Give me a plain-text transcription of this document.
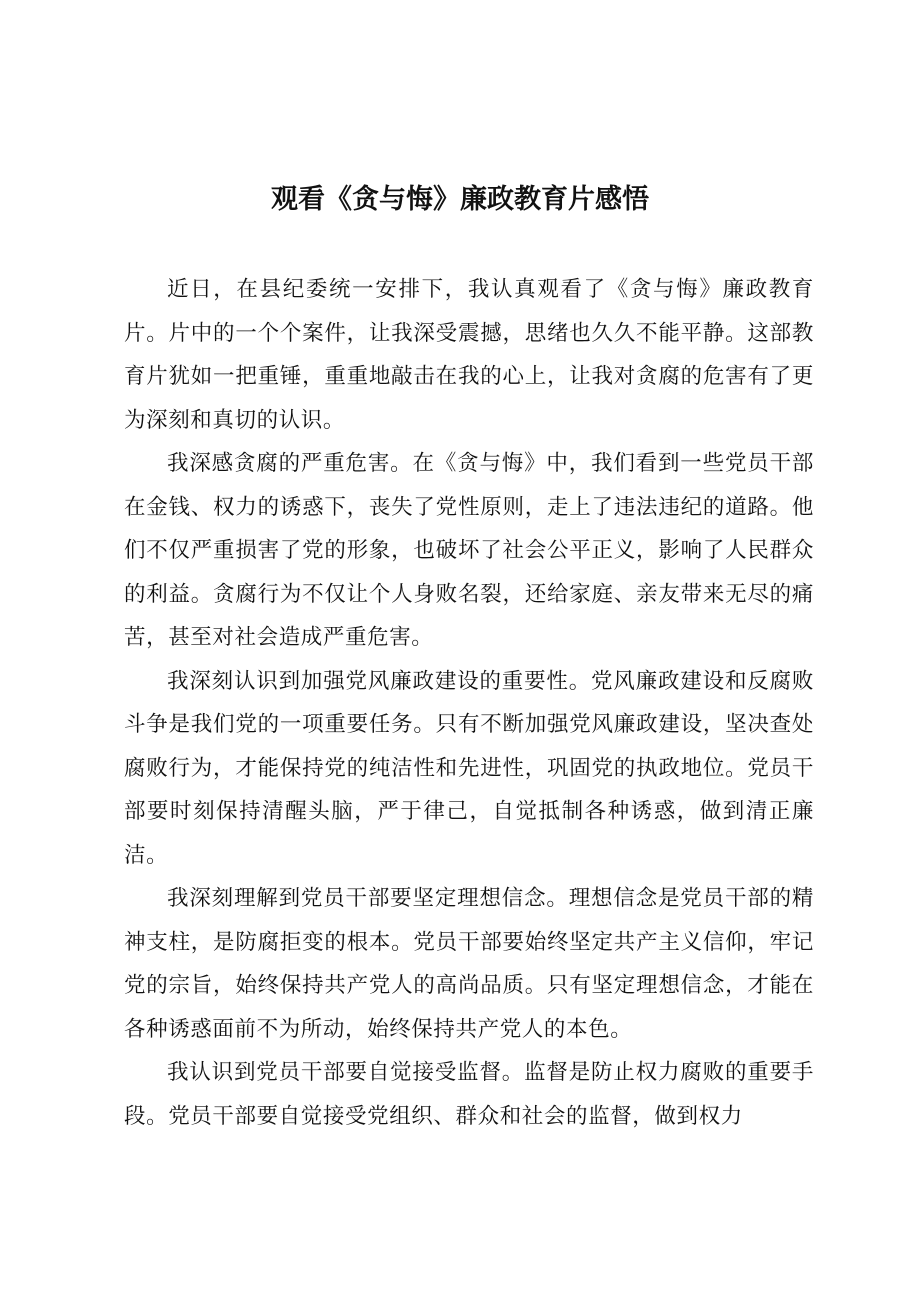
观看《贪与悔》廉政教育片感悟

近日，在县纪委统一安排下，我认真观看了《贪与悔》廉政教育片。片中的一个个案件，让我深受震撼，思绪也久久不能平静。这部教育片犹如一把重锤，重重地敲击在我的心上，让我对贪腐的危害有了更为深刻和真切的认识。

我深感贪腐的严重危害。在《贪与悔》中，我们看到一些党员干部在金钱、权力的诱惑下，丧失了党性原则，走上了违法违纪的道路。他们不仅严重损害了党的形象，也破坏了社会公平正义，影响了人民群众的利益。贪腐行为不仅让个人身败名裂，还给家庭、亲友带来无尽的痛苦，甚至对社会造成严重危害。

我深刻认识到加强党风廉政建设的重要性。党风廉政建设和反腐败斗争是我们党的一项重要任务。只有不断加强党风廉政建设，坚决查处腐败行为，才能保持党的纯洁性和先进性，巩固党的执政地位。党员干部要时刻保持清醒头脑，严于律己，自觉抵制各种诱惑，做到清正廉洁。

我深刻理解到党员干部要坚定理想信念。理想信念是党员干部的精神支柱，是防腐拒变的根本。党员干部要始终坚定共产主义信仰，牢记党的宗旨，始终保持共产党人的高尚品质。只有坚定理想信念，才能在各种诱惑面前不为所动，始终保持共产党人的本色。

我认识到党员干部要自觉接受监督。监督是防止权力腐败的重要手段。党员干部要自觉接受党组织、群众和社会的监督，做到权力
